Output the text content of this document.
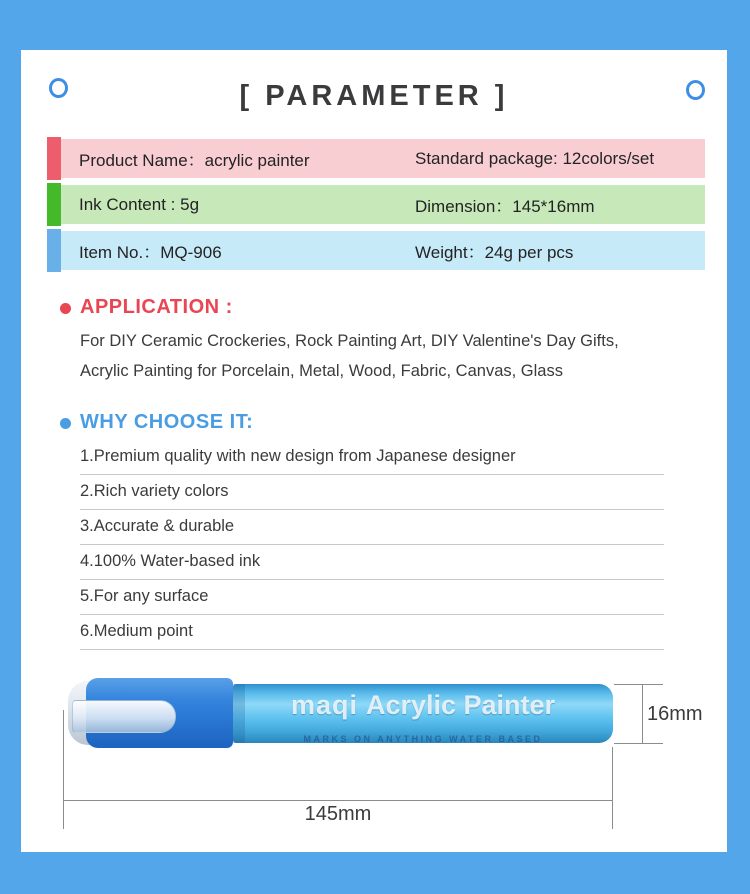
[ PARAMETER ]
Product Name：acrylic painter	Standard package: 12colors/set
Ink Content : 5g	Dimension：145*16mm
Item No.：MQ-906	Weight：24g per pcs
APPLICATION :
For DIY Ceramic Crockeries, Rock Painting Art, DIY Valentine's Day Gifts,
Acrylic Painting for Porcelain, Metal, Wood, Fabric, Canvas, Glass
WHY CHOOSE IT:
1.Premium quality with new design from Japanese designer
2.Rich variety colors
3.Accurate & durable
4.100% Water-based ink
5.For any surface
6.Medium point
maqi Acrylic Painter
MARKS ON ANYTHING WATER BASED
16mm
145mm
